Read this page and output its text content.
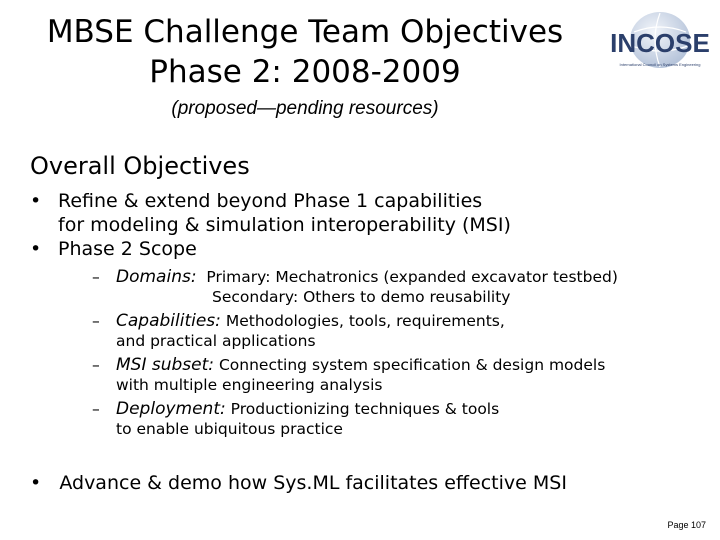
MBSE Challenge Team Objectives
Phase 2: 2008-2009
(proposed—pending resources)
INCOSE
International Council on Systems Engineering
Overall Objectives
• Refine & extend beyond Phase 1 capabilities
for modeling & simulation interoperability (MSI)
• Phase 2 Scope
– Domains: Primary: Mechatronics (expanded excavator testbed)
Secondary: Others to demo reusability
– Capabilities: Methodologies, tools, requirements,
and practical applications
– MSI subset: Connecting system specification & design models
with multiple engineering analysis
– Deployment: Productionizing techniques & tools
to enable ubiquitous practice
• Advance & demo how Sys.ML facilitates effective MSI
Page 107
